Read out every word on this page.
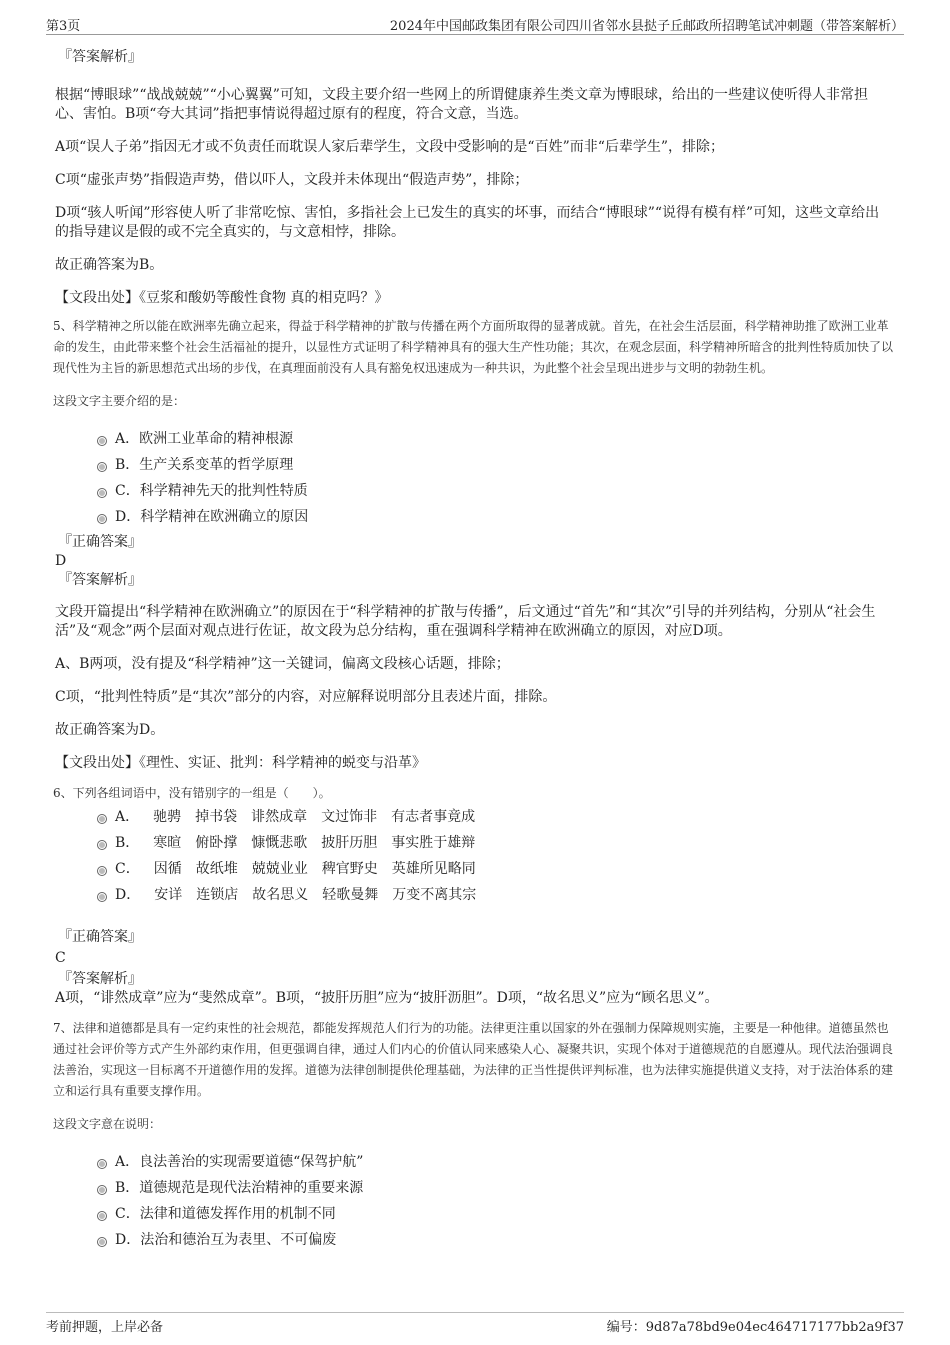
第3页	2024年中国邮政集团有限公司四川省邻水县挞子丘邮政所招聘笔试冲刺题（带答案解析）

『答案解析』

根据“博眼球”“战战兢兢”“小心翼翼”可知，文段主要介绍一些网上的所谓健康养生类文章为博眼球，给出的一些建议使听得人非常担心、害怕。B项“夸大其词”指把事情说得超过原有的程度，符合文意，当选。

A项“误人子弟”指因无才或不负责任而耽误人家后辈学生，文段中受影响的是“百姓”而非“后辈学生”，排除；

C项“虚张声势”指假造声势，借以吓人，文段并未体现出“假造声势”，排除；

D项“骇人听闻”形容使人听了非常吃惊、害怕，多指社会上已发生的真实的坏事，而结合“博眼球”“说得有模有样”可知，这些文章给出的指导建议是假的或不完全真实的，与文意相悖，排除。

故正确答案为B。

【文段出处】《豆浆和酸奶等酸性食物 真的相克吗？》

5、科学精神之所以能在欧洲率先确立起来，得益于科学精神的扩散与传播在两个方面所取得的显著成就。首先，在社会生活层面，科学精神助推了欧洲工业革命的发生，由此带来整个社会生活福祉的提升，以显性方式证明了科学精神具有的强大生产性功能；其次，在观念层面，科学精神所暗含的批判性特质加快了以现代性为主旨的新思想范式出场的步伐，在真理面前没有人具有豁免权迅速成为一种共识，为此整个社会呈现出进步与文明的勃勃生机。

这段文字主要介绍的是：

A．欧洲工业革命的精神根源
B．生产关系变革的哲学原理
C．科学精神先天的批判性特质
D．科学精神在欧洲确立的原因

『正确答案』

D

『答案解析』

文段开篇提出“科学精神在欧洲确立”的原因在于“科学精神的扩散与传播”，后文通过“首先”和“其次”引导的并列结构，分别从“社会生活”及“观念”两个层面对观点进行佐证，故文段为总分结构，重在强调科学精神在欧洲确立的原因，对应D项。

A、B两项，没有提及“科学精神”这一关键词，偏离文段核心话题，排除；

C项，“批判性特质”是“其次”部分的内容，对应解释说明部分且表述片面，排除。

故正确答案为D。

【文段出处】《理性、实证、批判：科学精神的蜕变与沿革》

6、下列各组词语中，没有错别字的一组是（　　）。

A． 驰骋 掉书袋 诽然成章 文过饰非 有志者事竟成
B． 寒暄 俯卧撑 慷慨悲歌 披肝历胆 事实胜于雄辩
C． 因循 故纸堆 兢兢业业 稗官野史 英雄所见略同
D． 安详 连锁店 故名思义 轻歌曼舞 万变不离其宗

『正确答案』

C

『答案解析』

A项，“诽然成章”应为“斐然成章”。B项，“披肝历胆”应为“披肝沥胆”。D项，“故名思义”应为“顾名思义”。

7、法律和道德都是具有一定约束性的社会规范，都能发挥规范人们行为的功能。法律更注重以国家的外在强制力保障规则实施，主要是一种他律。道德虽然也通过社会评价等方式产生外部约束作用，但更强调自律，通过人们内心的价值认同来感染人心、凝聚共识，实现个体对于道德规范的自愿遵从。现代法治强调良法善治，实现这一目标离不开道德作用的发挥。道德为法律创制提供伦理基础，为法律的正当性提供评判标准，也为法律实施提供道义支持，对于法治体系的建立和运行具有重要支撑作用。

这段文字意在说明：

A．良法善治的实现需要道德“保驾护航”
B．道德规范是现代法治精神的重要来源
C．法律和道德发挥作用的机制不同
D．法治和德治互为表里、不可偏废
考前押题，上岸必备	编号：9d87a78bd9e04ec464717177bb2a9f37
